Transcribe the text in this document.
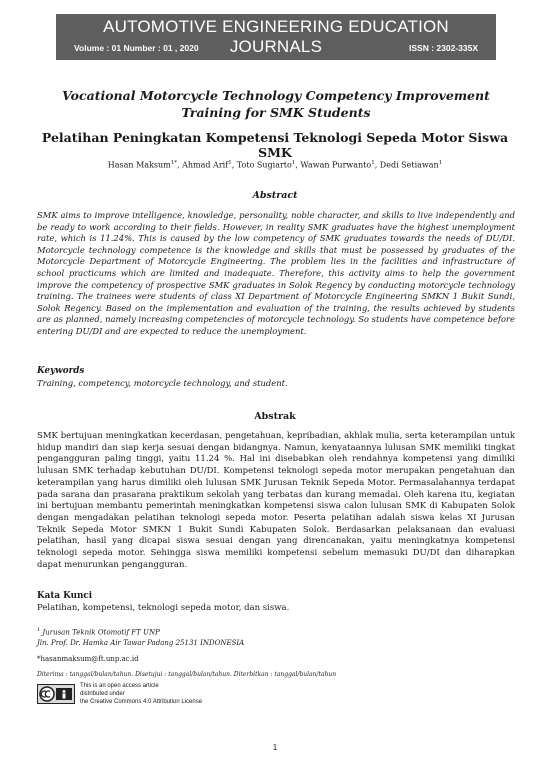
AUTOMOTIVE ENGINEERING EDUCATION JOURNALS
Volume : 01 Number : 01 , 2020	ISSN : 2302-335X
Vocational Motorcycle Technology Competency Improvement Training for SMK Students
Pelatihan Peningkatan Kompetensi Teknologi Sepeda Motor Siswa SMK
Hasan Maksum$^{1*}$, Ahmad Arif$^1$, Toto Sugiarto$^1$, Wawan Purwanto$^1$, Dedi Setiawan$^1$
Abstract

SMK aims to improve intelligence, knowledge, personality, noble character, and skills to live independently and be ready to work according to their fields. However, in reality SMK graduates have the highest unemployment rate, which is 11.24%. This is caused by the low competency of SMK graduates towards the needs of DU/DI. Motorcycle technology competence is the knowledge and skills that must be possessed by graduates of the Motorcycle Department of Motorcycle Engineering. The problem lies in the facilities and infrastructure of school practicums which are limited and inadequate. Therefore, this activity aims to help the government improve the competency of prospective SMK graduates in Solok Regency by conducting motorcycle technology training. The trainees were students of class XI Department of Motorcycle Engineering SMKN 1 Bukit Sundi, Solok Regency. Based on the implementation and evaluation of the training, the results achieved by students are as planned, namely increasing competencies of motorcycle technology. So students have competence before entering DU/DI and are expected to reduce the unemployment.

Keywords
Training, competency, motorcycle technology, and student.
Abstrak

SMK bertujuan meningkatkan kecerdasan, pengetahuan, kepribadian, akhlak mulia, serta keterampilan untuk hidup mandiri dan siap kerja sesuai dengan bidangnya. Namun, kenyataannya lulusan SMK memiliki tingkat pengangguran paling tinggi, yaitu 11.24 %. Hal ini disebabkan oleh rendahnya kompetensi yang dimiliki lulusan SMK terhadap kebutuhan DU/DI. Kompetensi teknologi sepeda motor merupakan pengetahuan dan keterampilan yang harus dimiliki oleh lulusan SMK Jurusan Teknik Sepeda Motor. Permasalahannya terdapat pada sarana dan prasarana praktikum sekolah yang terbatas dan kurang memadai. Oleh karena itu, kegiatan ini bertujuan membantu pemerintah meningkatkan kompetensi siswa calon lulusan SMK di Kabupaten Solok dengan mengadakan pelatihan teknologi sepeda motor. Peserta pelatihan adalah siswa kelas XI Jurusan Teknik Sepeda Motor SMKN 1 Bukit Sundi Kabupaten Solok. Berdasarkan pelaksanaan dan evaluasi pelatihan, hasil yang dicapai siswa sesuai dengan yang direncanakan, yaitu meningkatnya kompetensi teknologi sepeda motor. Sehingga siswa memiliki kompetensi sebelum memasuki DU/DI dan diharapkan dapat menurunkan pengangguran.

Kata Kunci
Pelatihan, kompetensi, teknologi sepeda motor, dan siswa.
$^1$ Jurusan Teknik Otomotif FT UNP
Jln. Prof. Dr. Hamka Air Tawar Padang 25131 INDONESIA
*hasanmaksum@ft.unp.ac.id
Diterima : tanggal/bulan/tahun. Disetujui : tanggal/bulan/tahun. Diterbitkan : tanggal/bulan/tahun
This is an open access article
distributed under
the Creative Commons 4.0 Attribution License
1
